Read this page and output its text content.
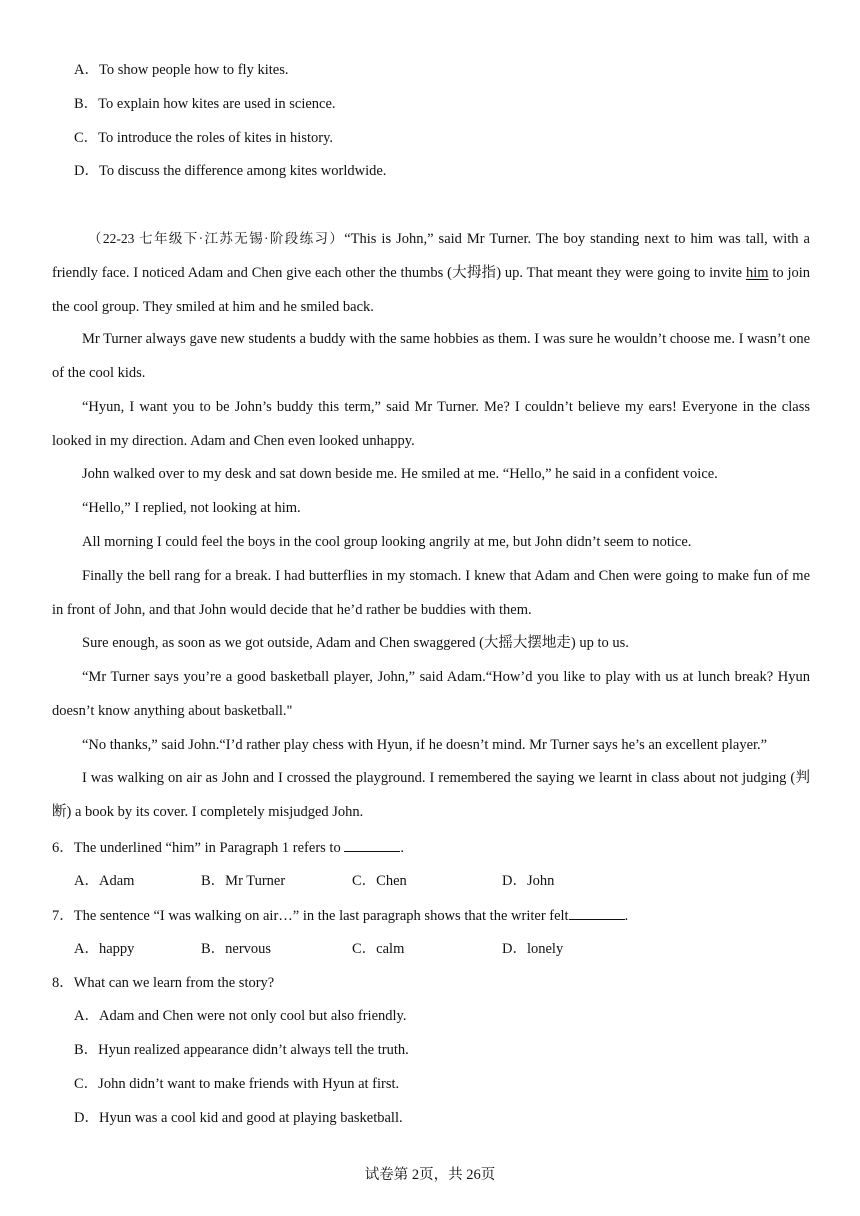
A．To show people how to fly kites.
B．To explain how kites are used in science.
C．To introduce the roles of kites in history.
D．To discuss the difference among kites worldwide.

（22-23 七年级下·江苏无锡·阶段练习）“This is John,” said Mr Turner. The boy standing next to him was tall, with a friendly face. I noticed Adam and Chen give each other the thumbs (大拇指) up. That meant they were going to invite him to join the cool group. They smiled at him and he smiled back.

Mr Turner always gave new students a buddy with the same hobbies as them. I was sure he wouldn’t choose me. I wasn’t one of the cool kids.

“Hyun, I want you to be John’s buddy this term,” said Mr Turner. Me? I couldn’t believe my ears! Everyone in the class looked in my direction. Adam and Chen even looked unhappy.

John walked over to my desk and sat down beside me. He smiled at me. “Hello,” he said in a confident voice.

“Hello,” I replied, not looking at him.

All morning I could feel the boys in the cool group looking angrily at me, but John didn’t seem to notice.

Finally the bell rang for a break. I had butterflies in my stomach. I knew that Adam and Chen were going to make fun of me in front of John, and that John would decide that he’d rather be buddies with them.

Sure enough, as soon as we got outside, Adam and Chen swaggered (大摇大摆地走) up to us.

“Mr Turner says you’re a good basketball player, John,” said Adam.“How’d you like to play with us at lunch break? Hyun doesn’t know anything about basketball."

“No thanks,” said John.“I’d rather play chess with Hyun, if he doesn’t mind. Mr Turner says he’s an excellent player.”

I was walking on air as John and I crossed the playground. I remembered the saying we learnt in class about not judging (判断) a book by its cover. I completely misjudged John.

6．The underlined “him” in Paragraph 1 refers to	.
A．Adam	B．Mr Turner	C．Chen	D．John
7．The sentence “I was walking on air…” in the last paragraph shows that the writer felt	.
A．happy	B．nervous	C．calm	D．lonely
8．What can we learn from the story?
A．Adam and Chen were not only cool but also friendly.
B．Hyun realized appearance didn’t always tell the truth.
C．John didn’t want to make friends with Hyun at first.
D．Hyun was a cool kid and good at playing basketball.
试卷第 2页，共 26页
